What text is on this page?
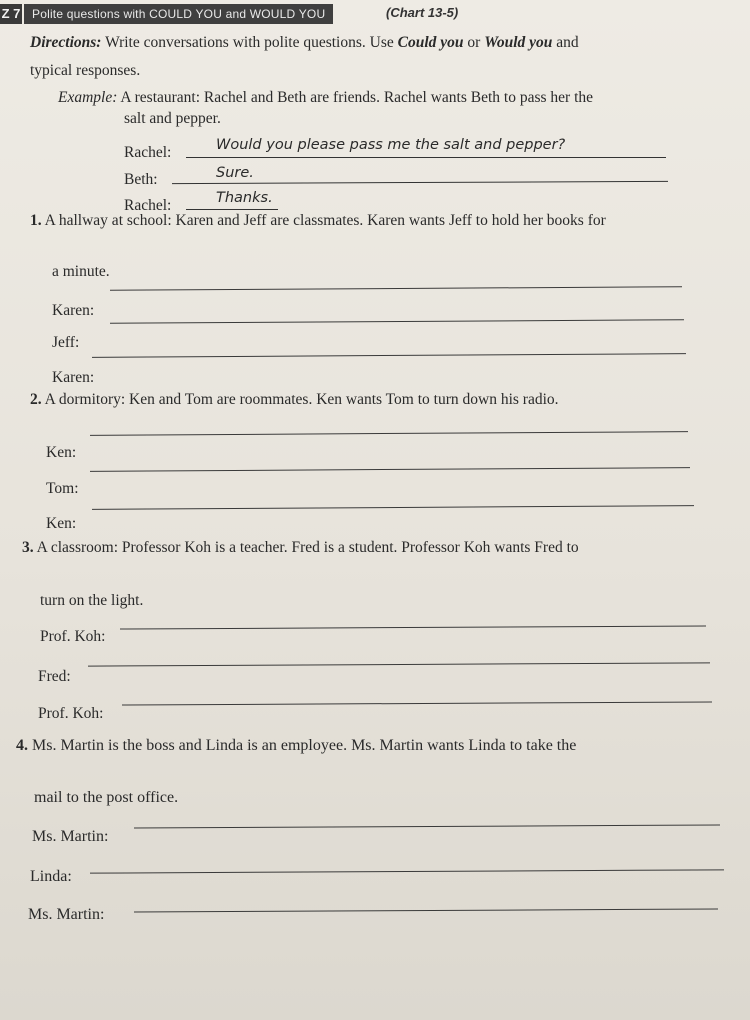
Z 7 Polite questions with COULD YOU and WOULD YOU	(Chart 13-5)
Directions: Write conversations with polite questions. Use Could you or Would you and
typical responses.
Example: A restaurant: Rachel and Beth are friends. Rachel wants Beth to pass her the
salt and pepper.
Rachel:	Would you please pass me the salt and pepper?
Beth:	Sure.
Rachel:	Thanks.
1. A hallway at school: Karen and Jeff are classmates. Karen wants Jeff to hold her books for
a minute.
Karen:
Jeff:
Karen:
2. A dormitory: Ken and Tom are roommates. Ken wants Tom to turn down his radio.
Ken:
Tom:
Ken:
3. A classroom: Professor Koh is a teacher. Fred is a student. Professor Koh wants Fred to
turn on the light.
Prof. Koh:
Fred:
Prof. Koh:
4. Ms. Martin is the boss and Linda is an employee. Ms. Martin wants Linda to take the
mail to the post office.
Ms. Martin:
Linda:
Ms. Martin:
